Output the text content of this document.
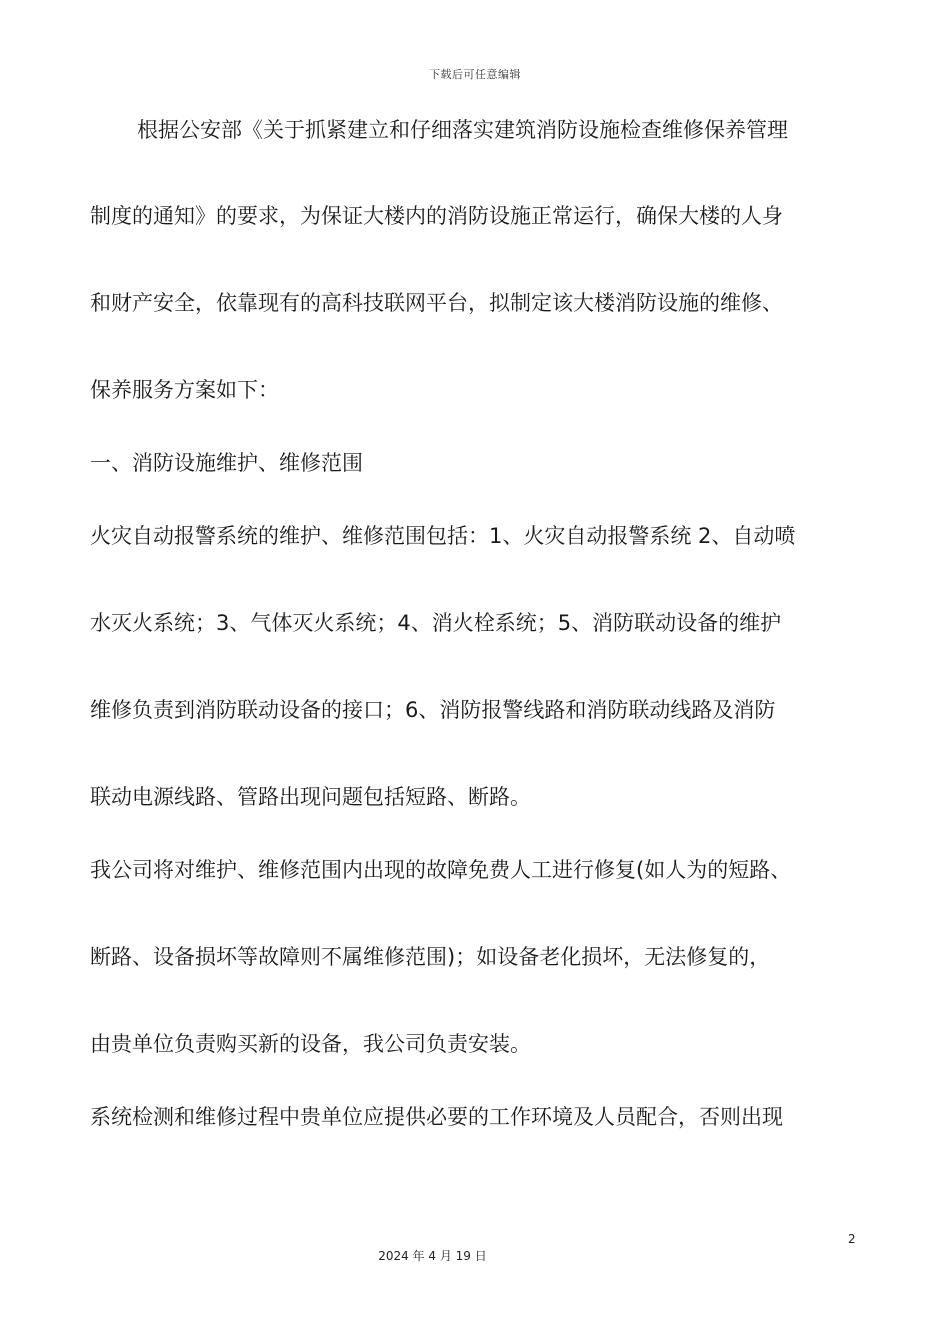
下载后可任意编辑
根据公安部《关于抓紧建立和仔细落实建筑消防设施检查维修保养管理
制度的通知》的要求，为保证大楼内的消防设施正常运行，确保大楼的人身
和财产安全，依靠现有的高科技联网平台，拟制定该大楼消防设施的维修、
保养服务方案如下：
一、消防设施维护、维修范围
火灾自动报警系统的维护、维修范围包括：1、火灾自动报警系统 2、自动喷
水灭火系统；3、气体灭火系统；4、消火栓系统；5、消防联动设备的维护
维修负责到消防联动设备的接口；6、消防报警线路和消防联动线路及消防
联动电源线路、管路出现问题包括短路、断路。
我公司将对维护、维修范围内出现的故障免费人工进行修复(如人为的短路、
断路、设备损坏等故障则不属维修范围)；如设备老化损坏，无法修复的，
由贵单位负责购买新的设备，我公司负责安装。
系统检测和维修过程中贵单位应提供必要的工作环境及人员配合，否则出现
2
2024 年 4 月 19 日
